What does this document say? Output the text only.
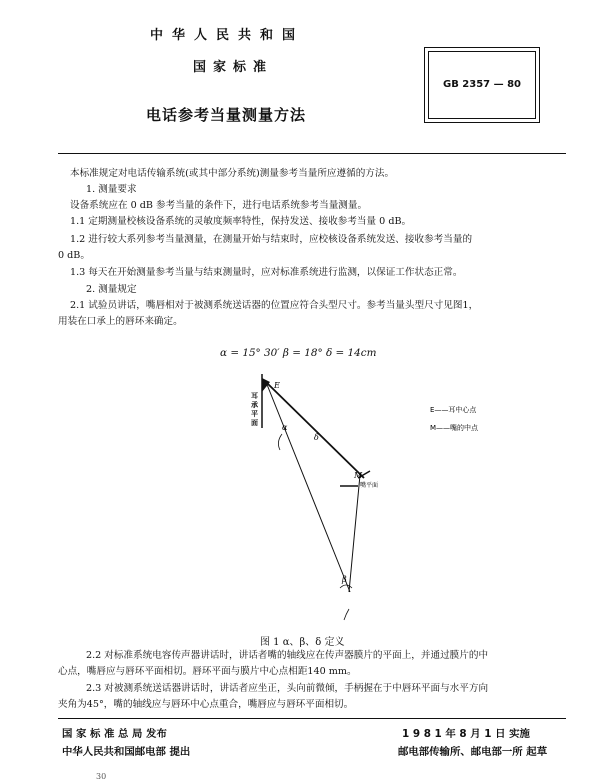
中华人民共和国
国家标准
电话参考当量测量方法
GB 2357 — 80
本标准规定对电话传输系统(或其中部分系统)测量参考当量所应遵循的方法。
1. 测量要求
设备系统应在 0 dB 参考当量的条件下，进行电话系统参考当量测量。
1.1 定期测量校核设备系统的灵敏度频率特性，保持发送、接收参考当量 0 dB。
1.2 进行较大系列参考当量测量，在测量开始与结束时，应校核设备系统发送、接收参考当量的
0 dB。
1.3 每天在开始测量参考当量与结束测量时，应对标准系统进行监测，以保证工作状态正常。
2. 测量规定
2.1 试验员讲话，嘴唇相对于被测系统送话器的位置应符合头型尺寸。参考当量头型尺寸见图1，
用装在口承上的唇环来确定。
α = 15° 30′ β = 18° δ = 14cm
E
M
α
β
δ
嘴平面
E——耳中心点
M——嘴的中点
耳承平面
图 1 α、β、δ 定义
2.2 对标准系统电容传声器讲话时，讲话者嘴的轴线应在传声器膜片的平面上，并通过膜片的中
心点，嘴唇应与唇环平面相切。唇环平面与膜片中心点相距140 mm。
2.3 对被测系统送话器讲话时，讲话者应坐正，头向前微倾，手柄握在于中唇环平面与水平方向
夹角为45°，嘴的轴线应与唇环中心点重合，嘴唇应与唇环平面相切。
国 家 标 准 总 局 发布	1 9 8 1 年 8 月 1 日 实施
中华人民共和国邮电部 提出	邮电部传输所、邮电部一所 起草
30
